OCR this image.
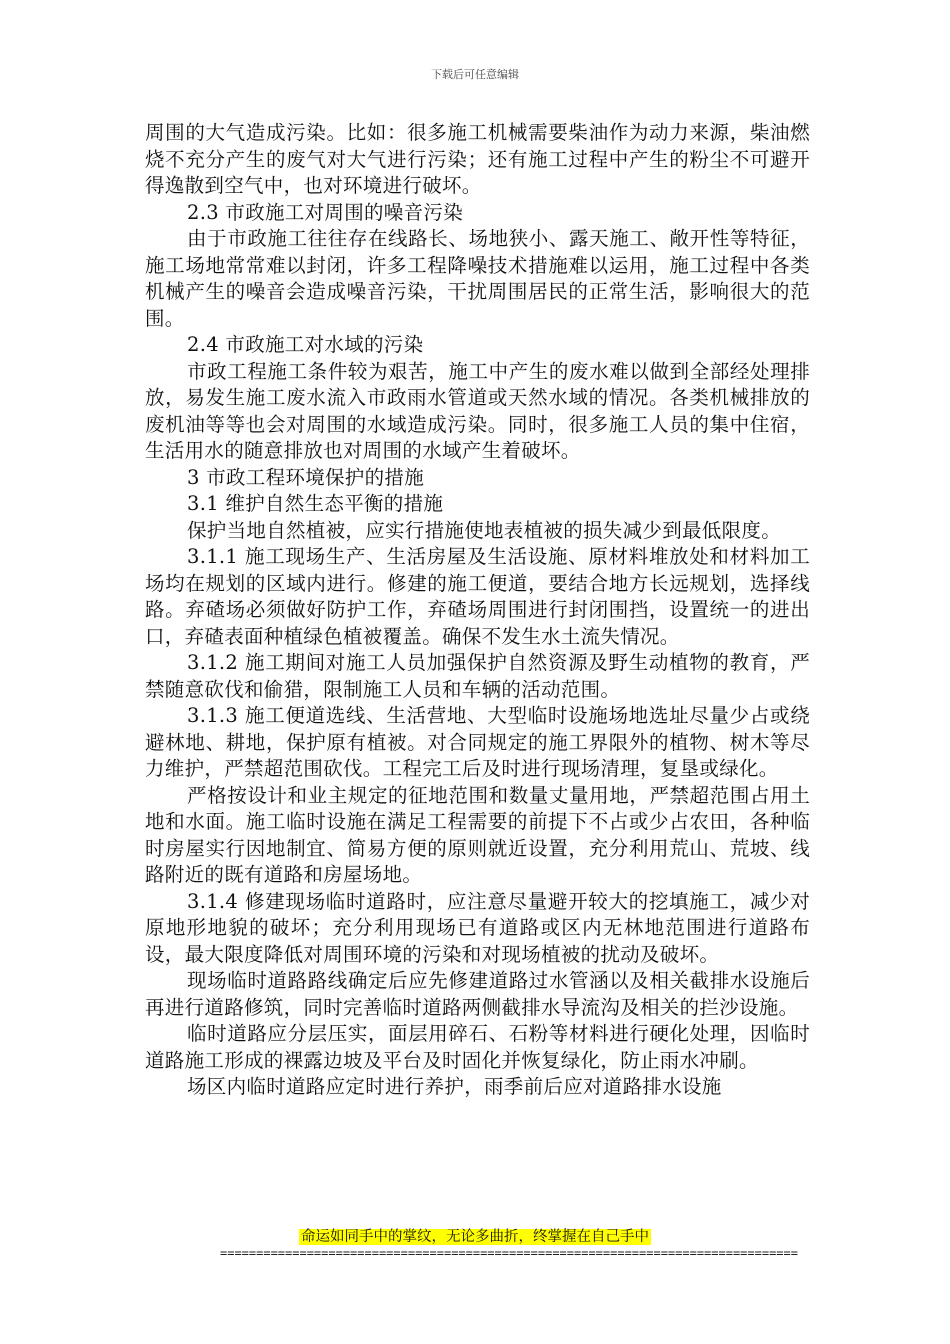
下载后可任意编辑

周围的大气造成污染。比如：很多施工机械需要柴油作为动力来源，柴油燃烧不充分产生的废气对大气进行污染；还有施工过程中产生的粉尘不可避开得逸散到空气中，也对环境进行破坏。

2.3 市政施工对周围的噪音污染

由于市政施工往往存在线路长、场地狭小、露天施工、敞开性等特征，施工场地常常难以封闭，许多工程降噪技术措施难以运用，施工过程中各类机械产生的噪音会造成噪音污染，干扰周围居民的正常生活，影响很大的范围。

2.4 市政施工对水域的污染

市政工程施工条件较为艰苦，施工中产生的废水难以做到全部经处理排放，易发生施工废水流入市政雨水管道或天然水域的情况。各类机械排放的废机油等等也会对周围的水域造成污染。同时，很多施工人员的集中住宿，生活用水的随意排放也对周围的水域产生着破坏。

3 市政工程环境保护的措施

3.1 维护自然生态平衡的措施

保护当地自然植被，应实行措施使地表植被的损失减少到最低限度。

3.1.1 施工现场生产、生活房屋及生活设施、原材料堆放处和材料加工场均在规划的区域内进行。修建的施工便道，要结合地方长远规划，选择线路。弃碴场必须做好防护工作，弃碴场周围进行封闭围挡，设置统一的进出口，弃碴表面种植绿色植被覆盖。确保不发生水土流失情况。

3.1.2 施工期间对施工人员加强保护自然资源及野生动植物的教育，严禁随意砍伐和偷猎，限制施工人员和车辆的活动范围。

3.1.3 施工便道选线、生活营地、大型临时设施场地选址尽量少占或绕避林地、耕地，保护原有植被。对合同规定的施工界限外的植物、树木等尽力维护，严禁超范围砍伐。工程完工后及时进行现场清理，复垦或绿化。

严格按设计和业主规定的征地范围和数量丈量用地，严禁超范围占用土地和水面。施工临时设施在满足工程需要的前提下不占或少占农田，各种临时房屋实行因地制宜、简易方便的原则就近设置，充分利用荒山、荒坡、线路附近的既有道路和房屋场地。

3.1.4 修建现场临时道路时，应注意尽量避开较大的挖填施工，减少对原地形地貌的破坏；充分利用现场已有道路或区内无林地范围进行道路布设，最大限度降低对周围环境的污染和对现场植被的扰动及破坏。

现场临时道路路线确定后应先修建道路过水管涵以及相关截排水设施后再进行道路修筑，同时完善临时道路两侧截排水导流沟及相关的拦沙设施。

临时道路应分层压实，面层用碎石、石粉等材料进行硬化处理，因临时道路施工形成的裸露边坡及平台及时固化并恢复绿化，防止雨水冲刷。

场区内临时道路应定时进行养护，雨季前后应对道路排水设施

命运如同手中的掌纹，无论多曲折，终掌握在自己手中
================================================================================
